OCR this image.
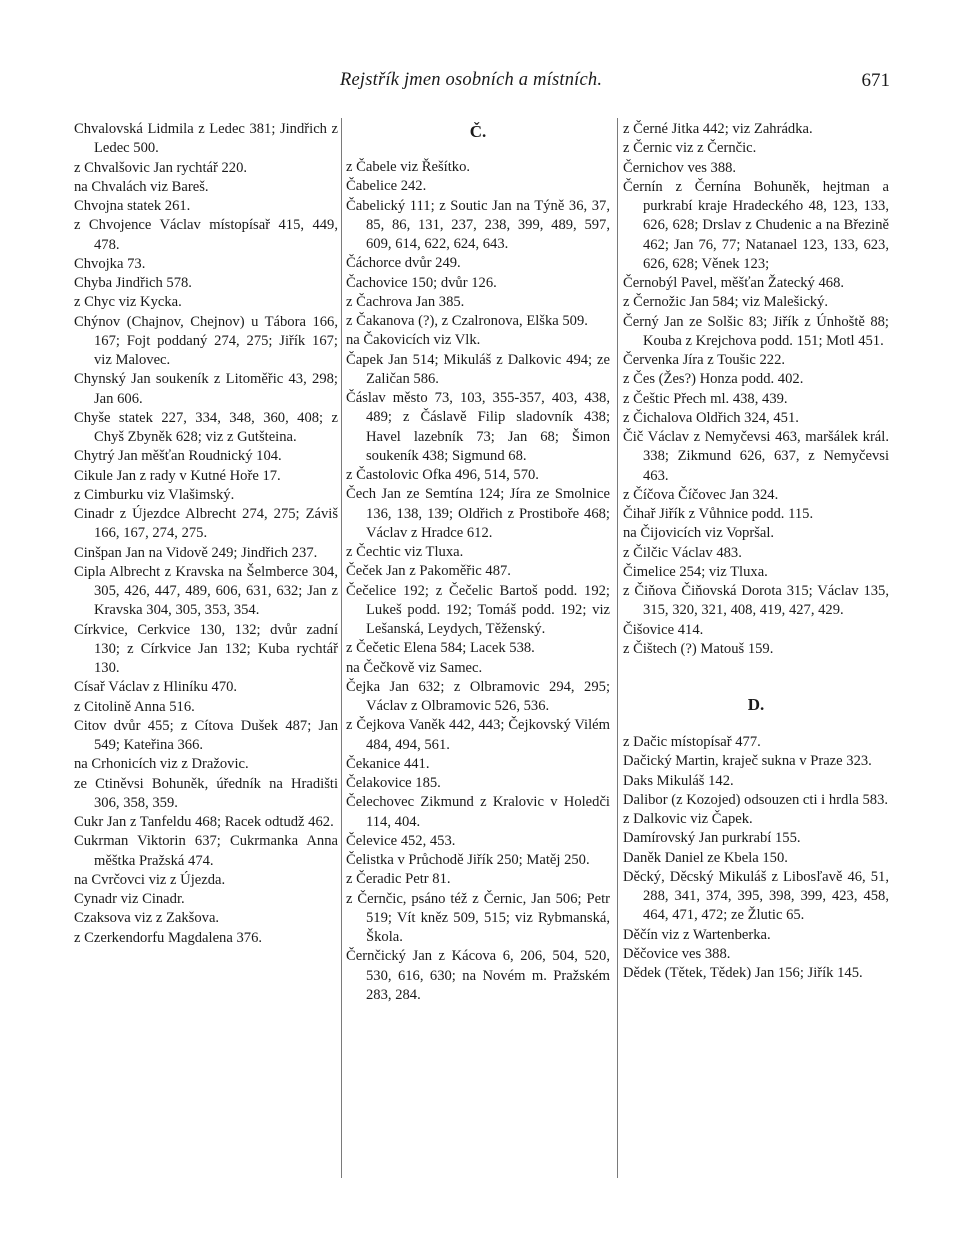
Rejstřík jmen osobních a místních.	671

Chvalovská Lidmila z Ledec 381; Jindřich z Ledec 500.

z Chvalšovic Jan rychtář 220.

na Chvalách viz Bareš.

Chvojna statek 261.

z Chvojence Václav místopísař 415, 449, 478.

Chvojka 73.

Chyba Jindřich 578.

z Chyc viz Kycka.

Chýnov (Chajnov, Chejnov) u Tábora 166, 167; Fojt poddaný 274, 275; Jiřík 167; viz Malovec.

Chynský Jan soukeník z Litoměřic 43, 298; Jan 606.

Chyše statek 227, 334, 348, 360, 408; z Chyš Zbyněk 628; viz z Gutšteina.

Chytrý Jan měšťan Roudnický 104.

Cikule Jan z rady v Kutné Hoře 17.

z Cimburku viz Vlašimský.

Cinadr z Újezdce Albrecht 274, 275; Záviš 166, 167, 274, 275.

Cinšpan Jan na Vidově 249; Jindřich 237.

Cipla Albrecht z Kravska na Šelmberce 304, 305, 426, 447, 489, 606, 631, 632; Jan z Kravska 304, 305, 353, 354.

Církvice, Cerkvice 130, 132; dvůr zadní 130; z Církvice Jan 132; Kuba rychtář 130.

Císař Václav z Hliníku 470.

z Citolině Anna 516.

Citov dvůr 455; z Cítova Dušek 487; Jan 549; Kateřina 366.

na Crhonicích viz z Dražovic.

ze Ctiněvsi Bohuněk, úředník na Hradišti 306, 358, 359.

Cukr Jan z Tanfeldu 468; Racek odtudž 462.

Cukrman Viktorin 637; Cukrmanka Anna měštka Pražská 474.

na Cvrčovci viz z Újezda.

Cynadr viz Cinadr.

Czaksova viz z Zakšova.

z Czerkendorfu Magdalena 376.

Č.

z Čabele viz Řešítko.

Čabelice 242.

Čabelický 111; z Soutic Jan na Týně 36, 37, 85, 86, 131, 237, 238, 399, 489, 597, 609, 614, 622, 624, 643.

Čáchorce dvůr 249.

Čachovice 150; dvůr 126.

z Čachrova Jan 385.

z Čakanova (?), z Czalronova, Elška 509.

na Čakovicích viz Vlk.

Čapek Jan 514; Mikuláš z Dalkovic 494; ze Zaličan 586.

Čáslav město 73, 103, 355-357, 403, 438, 489; z Čáslavě Filip sladovník 438; Havel lazebník 73; Jan 68; Šimon soukeník 438; Sigmund 68.

z Častolovic Ofka 496, 514, 570.

Čech Jan ze Semtína 124; Jíra ze Smolnice 136, 138, 139; Oldřich z Prostiboře 468; Václav z Hradce 612.

z Čechtic viz Tluxa.

Čeček Jan z Pakoměřic 487.

Čečelice 192; z Čečelic Bartoš podd. 192; Lukeš podd. 192; Tomáš podd. 192; viz Lešanská, Leydych, Těženský.

z Čečetic Elena 584; Lacek 538.

na Čečkově viz Samec.

Čejka Jan 632; z Olbramovic 294, 295; Václav z Olbramovic 526, 536.

z Čejkova Vaněk 442, 443; Čejkovský Vilém 484, 494, 561.

Čekanice 441.

Čelakovice 185.

Čelechovec Zikmund z Kralovic v Holedči 114, 404.

Čelevice 452, 453.

Čelistka v Průchodě Jiřík 250; Matěj 250.

z Čeradic Petr 81.

z Černčic, psáno též z Černic, Jan 506; Petr 519; Vít kněz 509, 515; viz Rybmanská, Škola.

Černčický Jan z Kácova 6, 206, 504, 520, 530, 616, 630; na Novém m. Pražském 283, 284.

z Černé Jitka 442; viz Zahrádka.

z Černic viz z Černčic.

Černichov ves 388.

Černín z Černína Bohuněk, hejtman a purkrabí kraje Hradeckého 48, 123, 133, 626, 628; Drslav z Chudenic a na Březině 462; Jan 76, 77; Natanael 123, 133, 623, 626, 628; Věnek 123;

Černobýl Pavel, měšťan Žatecký 468.

z Černožic Jan 584; viz Malešický.

Černý Jan ze Solšic 83; Jiřík z Únhoště 88; Kouba z Krejchova podd. 151; Motl 451.

Červenka Jíra z Toušic 222.

z Čes (Žes?) Honza podd. 402.

z Češtic Přech ml. 438, 439.

z Čichalova Oldřich 324, 451.

Čič Václav z Nemyčevsi 463, maršálek král. 338; Zikmund 626, 637, z Nemyčevsi 463.

z Číčova Číčovec Jan 324.

Čihař Jiřík z Vůhnice podd. 115.

na Čijovicích viz Vopršal.

z Čilčic Václav 483.

Čimelice 254; viz Tluxa.

z Čiňova Čiňovská Dorota 315; Václav 135, 315, 320, 321, 408, 419, 427, 429.

Čišovice 414.

z Čištech (?) Matouš 159.

D.

z Dačic místopísař 477.

Dačický Martin, kraječ sukna v Praze 323.

Daks Mikuláš 142.

Dalibor (z Kozojed) odsouzen cti i hrdla 583.

z Dalkovic viz Čapek.

Damírovský Jan purkrabí 155.

Daněk Daniel ze Kbela 150.

Děcký, Děcský Mikuláš z Libosľavě 46, 51, 288, 341, 374, 395, 398, 399, 423, 458, 464, 471, 472; ze Žlutic 65.

Děčín viz z Wartenberka.

Děčovice ves 388.

Dědek (Tětek, Tědek) Jan 156; Jiřík 145.
